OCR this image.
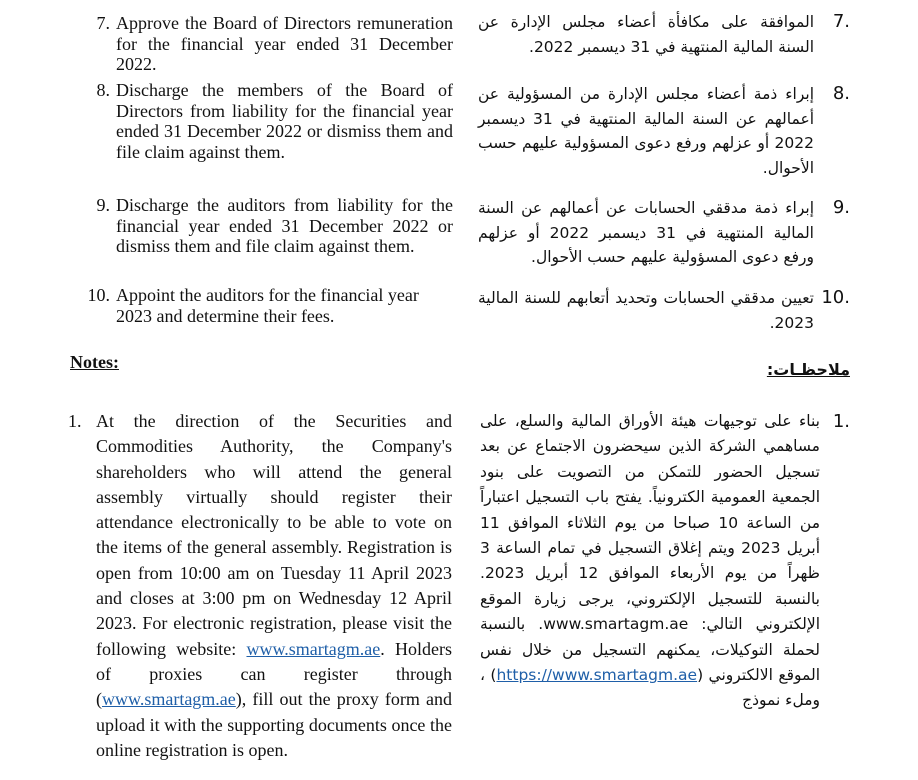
7. Approve the Board of Directors remuneration for the financial year ended 31 December 2022.
8. Discharge the members of the Board of Directors from liability for the financial year ended 31 December 2022 or dismiss them and file claim against them.
9. Discharge the auditors from liability for the financial year ended 31 December 2022 or dismiss them and file claim against them.
10. Appoint the auditors for the financial year 2023 and determine their fees.
.7
الموافقة على مكافأة أعضاء مجلس الإدارة عن السنة المالية المنتهية في 31 ديسمبر 2022.
.8
إبراء ذمة أعضاء مجلس الإدارة من المسؤولية عن أعمالهم عن السنة المالية المنتهية في 31 ديسمبر 2022 أو عزلهم ورفع دعوى المسؤولية عليهم حسب الأحوال.
.9
إبراء ذمة مدققي الحسابات عن أعمالهم عن السنة المالية المنتهية في 31 ديسمبر 2022 أو عزلهم ورفع دعوى المسؤولية عليهم حسب الأحوال.
.10
تعيين مدققي الحسابات وتحديد أتعابهم للسنة المالية 2023.
Notes:	ملاحظـات:
1. At the direction of the Securities and Commodities Authority, the Company's shareholders who will attend the general assembly virtually should register their attendance electronically to be able to vote on the items of the general assembly. Registration is open from 10:00 am on Tuesday 11 April 2023 and closes at 3:00 pm on Wednesday 12 April 2023. For electronic registration, please visit the following website: www.smartagm.ae. Holders of proxies can register through (www.smartagm.ae), fill out the proxy form and upload it with the supporting documents once the online registration is open.
.1
بناء على توجيهات هيئة الأوراق المالية والسلع، على مساهمي الشركة الذين سيحضرون الاجتماع عن بعد تسجيل الحضور للتمكن من التصويت على بنود الجمعية العمومية الكترونياً. يفتح باب التسجيل اعتباراً من الساعة 10 صباحا من يوم الثلاثاء الموافق 11 أبريل 2023 ويتم إغلاق التسجيل في تمام الساعة 3 ظهراً من يوم الأربعاء الموافق 12 أبريل 2023. بالنسبة للتسجيل الإلكتروني، يرجى زيارة الموقع الإلكتروني التالي: www.smartagm.ae. بالنسبة لحملة التوكيلات، يمكنهم التسجيل من خلال نفس الموقع الالكتروني (https://www.smartagm.ae) ، وملء نموذج
